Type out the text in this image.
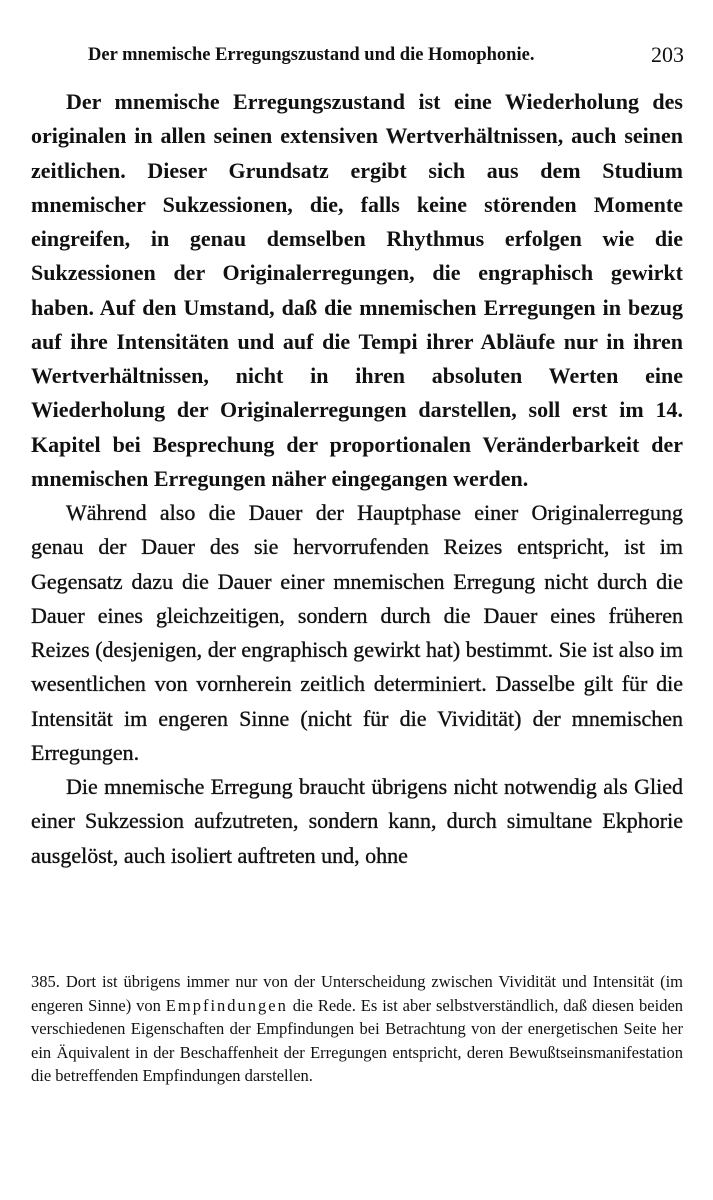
Der mnemische Erregungszustand und die Homophonie.	203

Der mnemische Erregungszustand ist eine Wiederholung des originalen in allen seinen extensiven Wertverhältnissen, auch seinen zeitlichen. Dieser Grundsatz ergibt sich aus dem Studium mnemischer Sukzessionen, die, falls keine störenden Momente eingreifen, in genau demselben Rhythmus erfolgen wie die Sukzessionen der Originalerregungen, die engraphisch gewirkt haben. Auf den Umstand, daß die mnemischen Erregungen in bezug auf ihre Intensitäten und auf die Tempi ihrer Abläufe nur in ihren Wertverhältnissen, nicht in ihren absoluten Werten eine Wiederholung der Originalerregungen darstellen, soll erst im 14. Kapitel bei Besprechung der proportionalen Veränderbarkeit der mnemischen Erregungen näher eingegangen werden.

Während also die Dauer der Hauptphase einer Originalerregung genau der Dauer des sie hervorrufenden Reizes entspricht, ist im Gegensatz dazu die Dauer einer mnemischen Erregung nicht durch die Dauer eines gleichzeitigen, sondern durch die Dauer eines früheren Reizes (desjenigen, der engraphisch gewirkt hat) bestimmt. Sie ist also im wesentlichen von vornherein zeitlich determiniert. Dasselbe gilt für die Intensität im engeren Sinne (nicht für die Vividität) der mnemischen Erregungen.

Die mnemische Erregung braucht übrigens nicht notwendig als Glied einer Sukzession aufzutreten, sondern kann, durch simultane Ekphorie ausgelöst, auch isoliert auftreten und, ohne

385. Dort ist übrigens immer nur von der Unterscheidung zwischen Vividität und Intensität (im engeren Sinne) von Empfindungen die Rede. Es ist aber selbstverständlich, daß diesen beiden verschiedenen Eigenschaften der Empfindungen bei Betrachtung von der energetischen Seite her ein Äquivalent in der Beschaffenheit der Erregungen entspricht, deren Bewußtseinsmanifestation die betreffenden Empfindungen darstellen.
